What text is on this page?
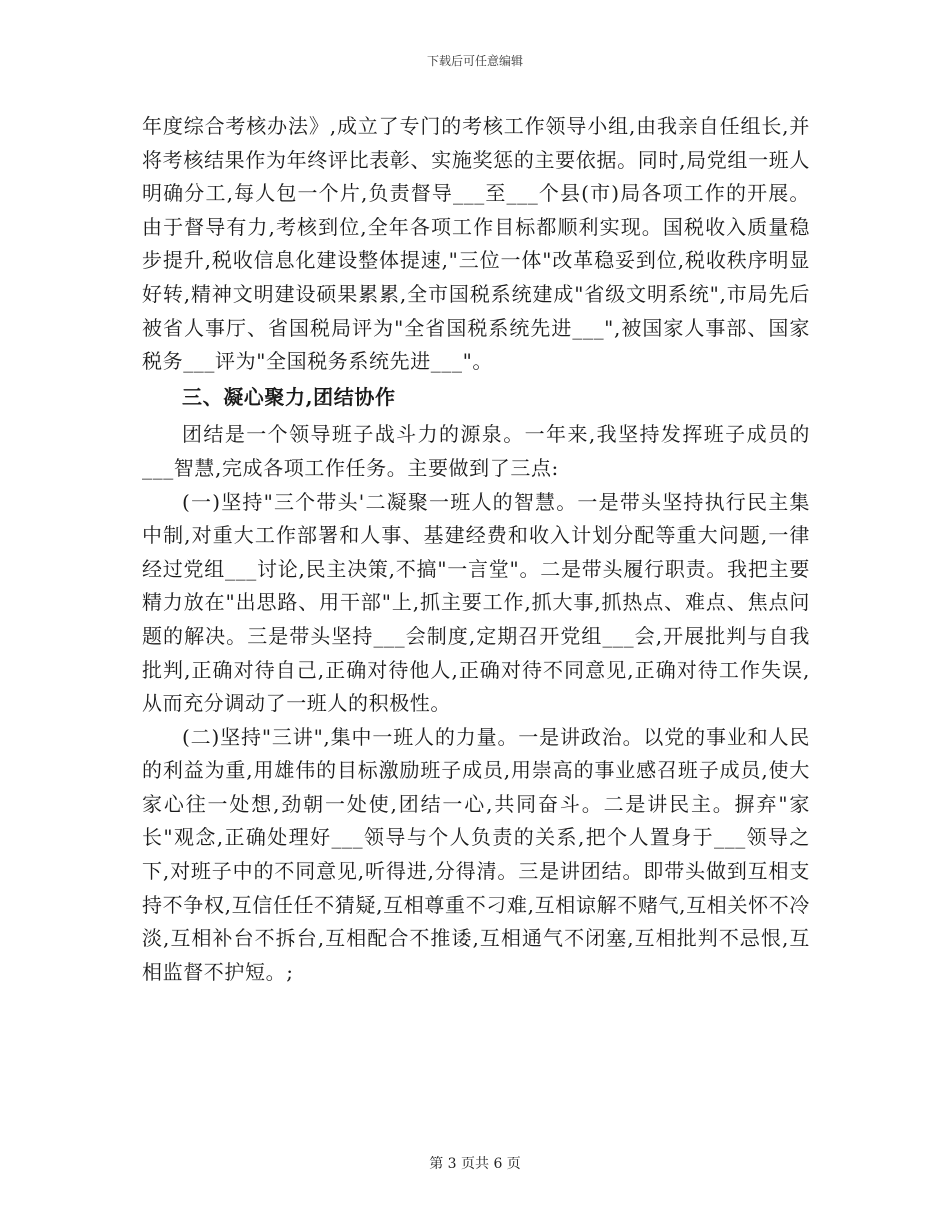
下载后可任意编辑

年度综合考核办法》,成立了专门的考核工作领导小组,由我亲自任组长,并将考核结果作为年终评比表彰、实施奖惩的主要依据。同时,局党组一班人明确分工,每人包一个片,负责督导___至___个县(市)局各项工作的开展。由于督导有力,考核到位,全年各项工作目标都顺利实现。国税收入质量稳步提升,税收信息化建设整体提速,"三位一体"改革稳妥到位,税收秩序明显好转,精神文明建设硕果累累,全市国税系统建成"省级文明系统",市局先后被省人事厅、省国税局评为"全省国税系统先进___",被国家人事部、国家税务___评为"全国税务系统先进___"。

三、凝心聚力,团结协作

团结是一个领导班子战斗力的源泉。一年来,我坚持发挥班子成员的___智慧,完成各项工作任务。主要做到了三点:

(一)坚持"三个带头'二凝聚一班人的智慧。一是带头坚持执行民主集中制,对重大工作部署和人事、基建经费和收入计划分配等重大问题,一律经过党组___讨论,民主决策,不搞"一言堂"。二是带头履行职责。我把主要精力放在"出思路、用干部"上,抓主要工作,抓大事,抓热点、难点、焦点问题的解决。三是带头坚持___会制度,定期召开党组___会,开展批判与自我批判,正确对待自己,正确对待他人,正确对待不同意见,正确对待工作失误,从而充分调动了一班人的积极性。

(二)坚持"三讲",集中一班人的力量。一是讲政治。以党的事业和人民的利益为重,用雄伟的目标激励班子成员,用崇高的事业感召班子成员,使大家心往一处想,劲朝一处使,团结一心,共同奋斗。二是讲民主。摒弃"家长"观念,正确处理好___领导与个人负责的关系,把个人置身于___领导之下,对班子中的不同意见,听得进,分得清。三是讲团结。即带头做到互相支持不争权,互信任任不猜疑,互相尊重不刁难,互相谅解不赌气,互相关怀不冷淡,互相补台不拆台,互相配合不推诿,互相通气不闭塞,互相批判不忌恨,互相监督不护短。;

第 3 页共 6 页
